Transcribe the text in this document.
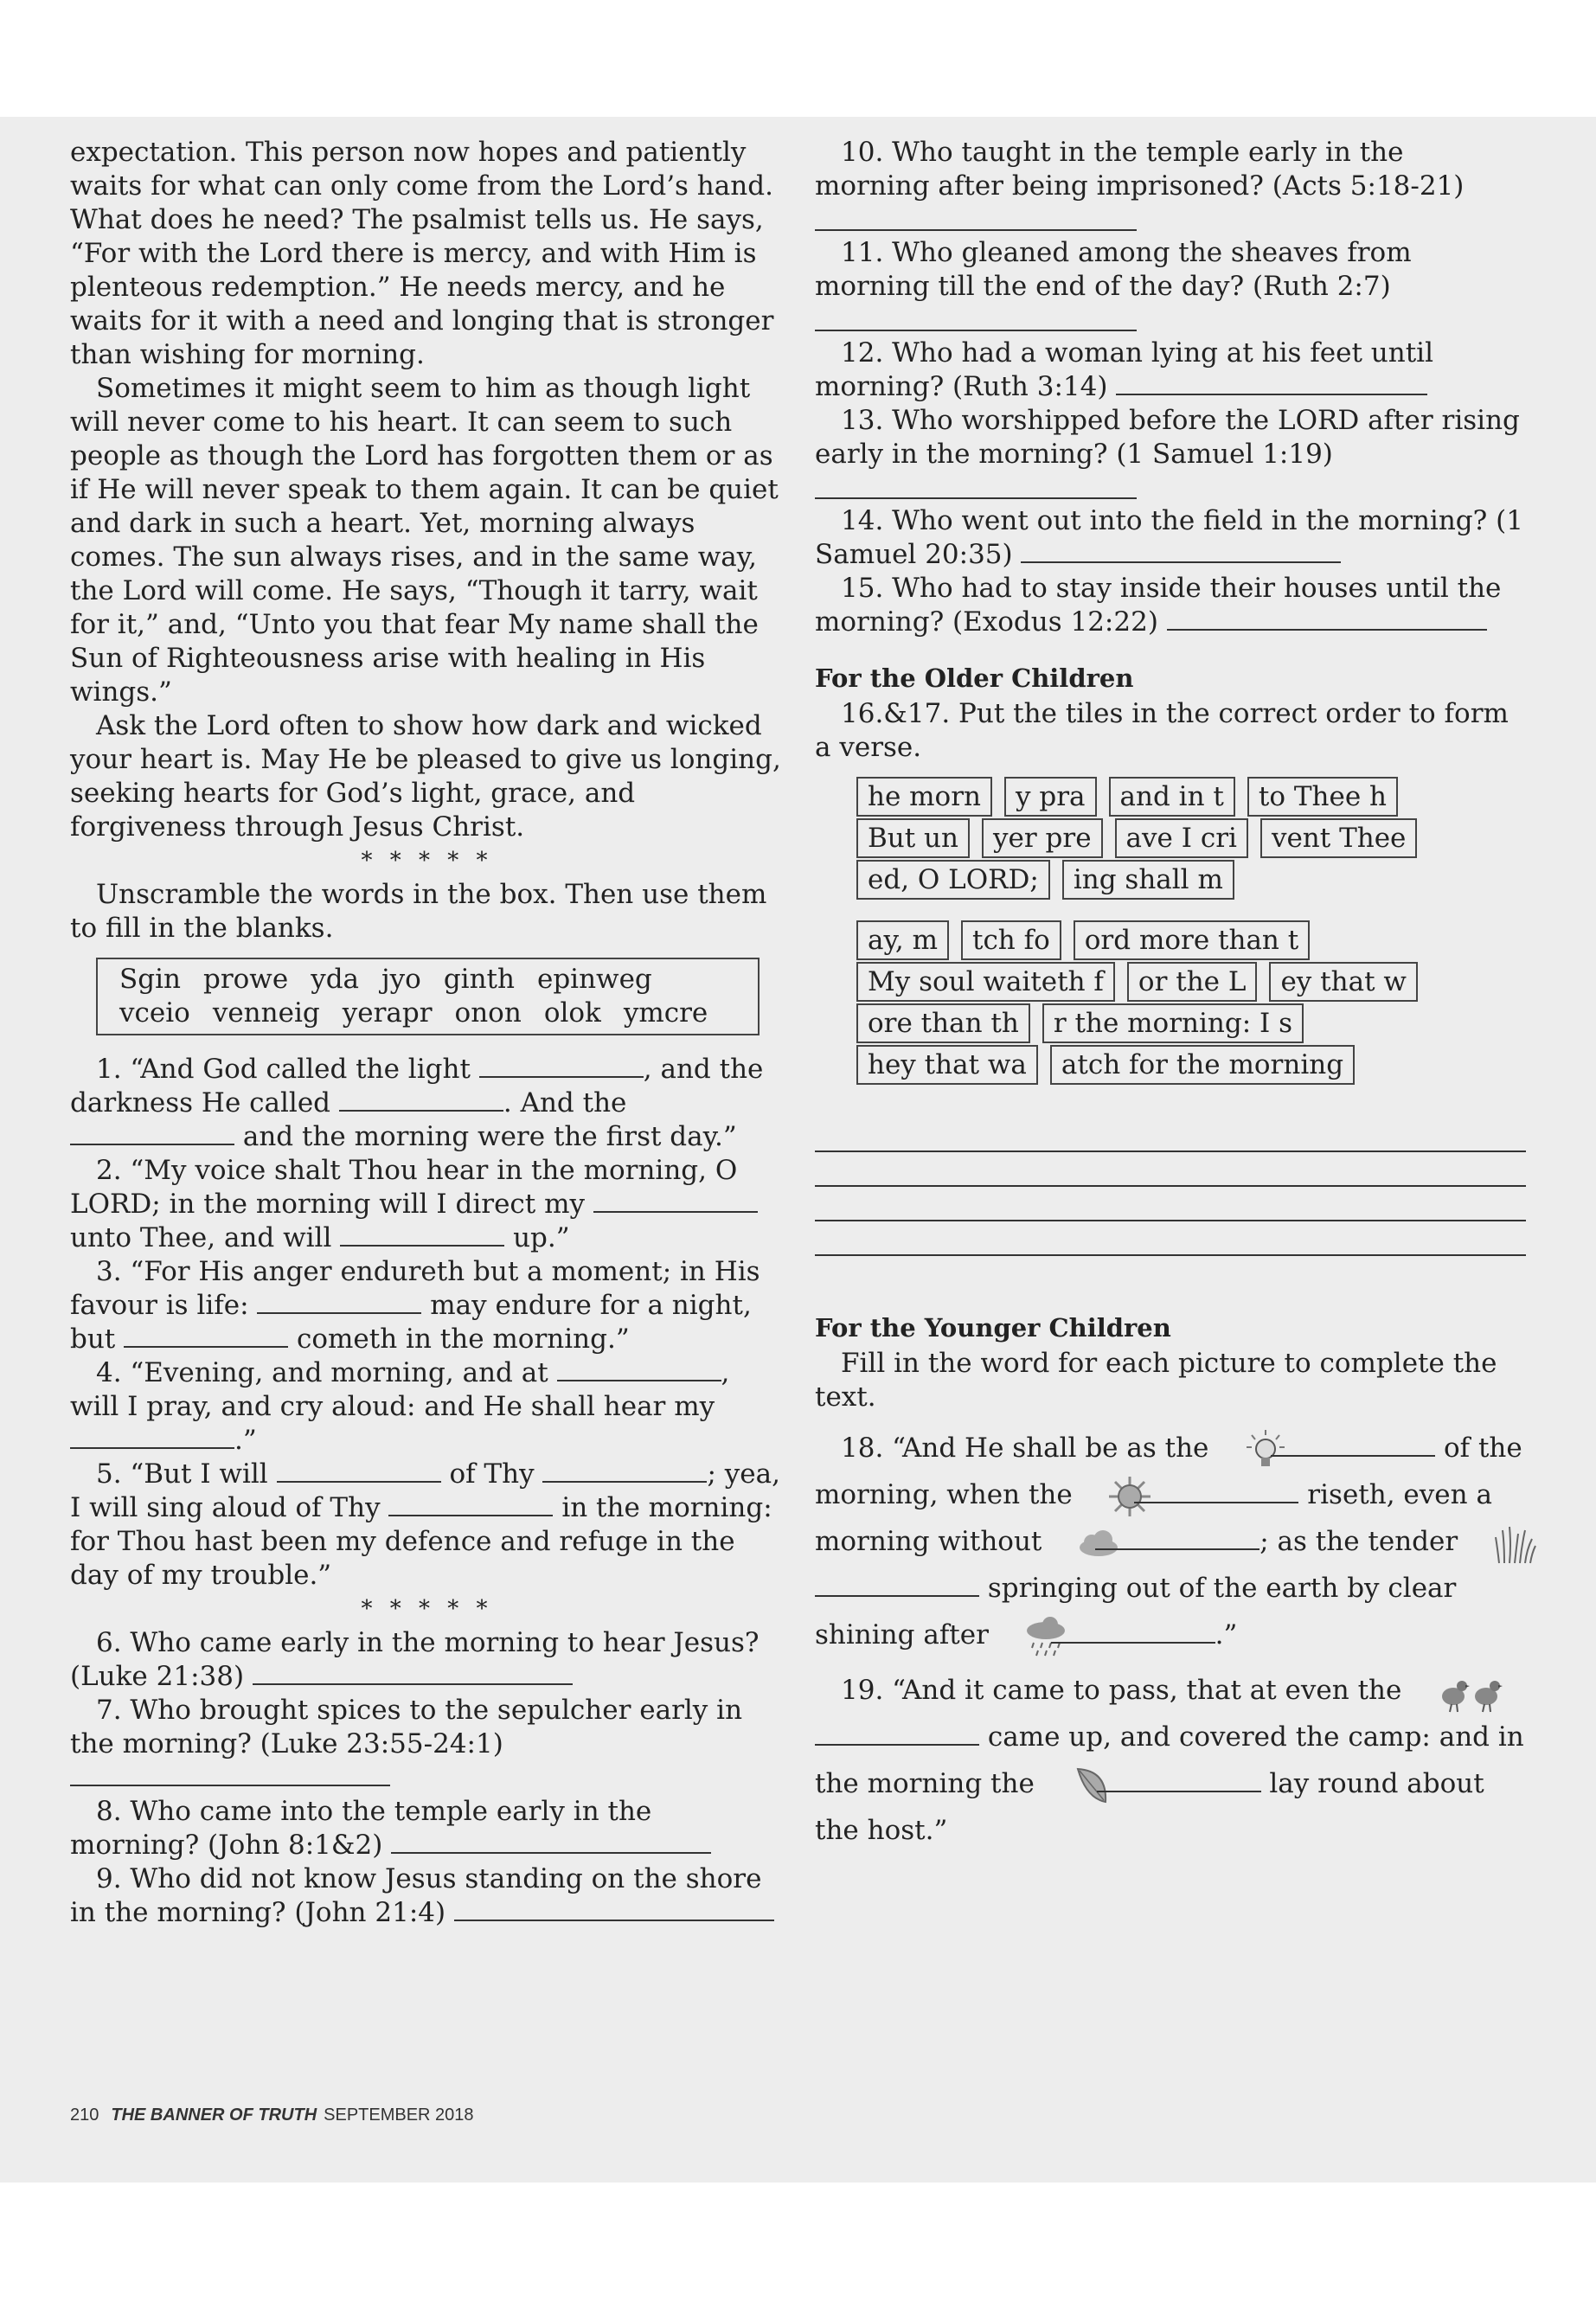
expectation. This person now hopes and patiently waits for what can only come from the Lord’s hand. What does he need? The psalmist tells us. He says, “For with the Lord there is mercy, and with Him is plenteous redemption.” He needs mercy, and he waits for it with a need and longing that is stronger than wishing for morning.

Sometimes it might seem to him as though light will never come to his heart. It can seem to such people as though the Lord has forgotten them or as if He will never speak to them again. It can be quiet and dark in such a heart. Yet, morning always comes. The sun always rises, and in the same way, the Lord will come. He says, “Though it tarry, wait for it,” and, “Unto you that fear My name shall the Sun of Righteousness arise with healing in His wings.”

Ask the Lord often to show how dark and wicked your heart is. May He be pleased to give us longing, seeking hearts for God’s light, grace, and forgiveness through Jesus Christ.

* * * * *

Unscramble the words in the box. Then use them to fill in the blanks.

Sgin prowe yda jyo ginth epinweg
vceio venneig yerapr onon olok ymcre

1. “And God called the light	, and the darkness He called	. And the  and the morning were the first day.”

2. “My voice shalt Thou hear in the morning, O LORD; in the morning will I direct my  unto Thee, and will	up.”

3. “For His anger endureth but a moment; in His favour is life:	may endure for a night, but	cometh in the morning.”

4. “Evening, and morning, and at	, will I pray, and cry aloud: and He shall hear my .”

5. “But I will	of Thy	; yea, I will sing aloud of Thy	in the morning: for Thou hast been my defence and refuge in the day of my trouble.”

* * * * *

6. Who came early in the morning to hear Jesus? (Luke 21:38)

7. Who brought spices to the sepulcher early in the morning? (Luke 23:55-24:1)

8. Who came into the temple early in the morning? (John 8:1&2)

9. Who did not know Jesus standing on the shore in the morning? (John 21:4)

10. Who taught in the temple early in the morning after being imprisoned? (Acts 5:18-21)

11. Who gleaned among the sheaves from morning till the end of the day? (Ruth 2:7)

12. Who had a woman lying at his feet until morning? (Ruth 3:14)

13. Who worshipped before the LORD after rising early in the morning? (1 Samuel 1:19)

14. Who went out into the field in the morning? (1 Samuel 20:35)

15. Who had to stay inside their houses until the morning? (Exodus 12:22)

For the Older Children

16.&17. Put the tiles in the correct order to form a verse.

he morn y pra and in t to Thee h
But un yer pre ave I cri vent Thee
ed, O LORD; ing shall m
ay, m tch fo ord more than t
My soul waiteth f or the L ey that w
ore than th r the morning: I s
hey that wa atch for the morning

For the Younger Children

Fill in the word for each picture to complete the text.

18. “And He shall be as the	of the morning, when the	riseth, even a morning without	; as the tender   springing out of the earth by clear shining after	.”

19. “And it came to pass, that at even the   came up, and covered the camp: and in the morning the	lay round about the host.”

210 THE BANNER OF TRUTH SEPTEMBER 2018
